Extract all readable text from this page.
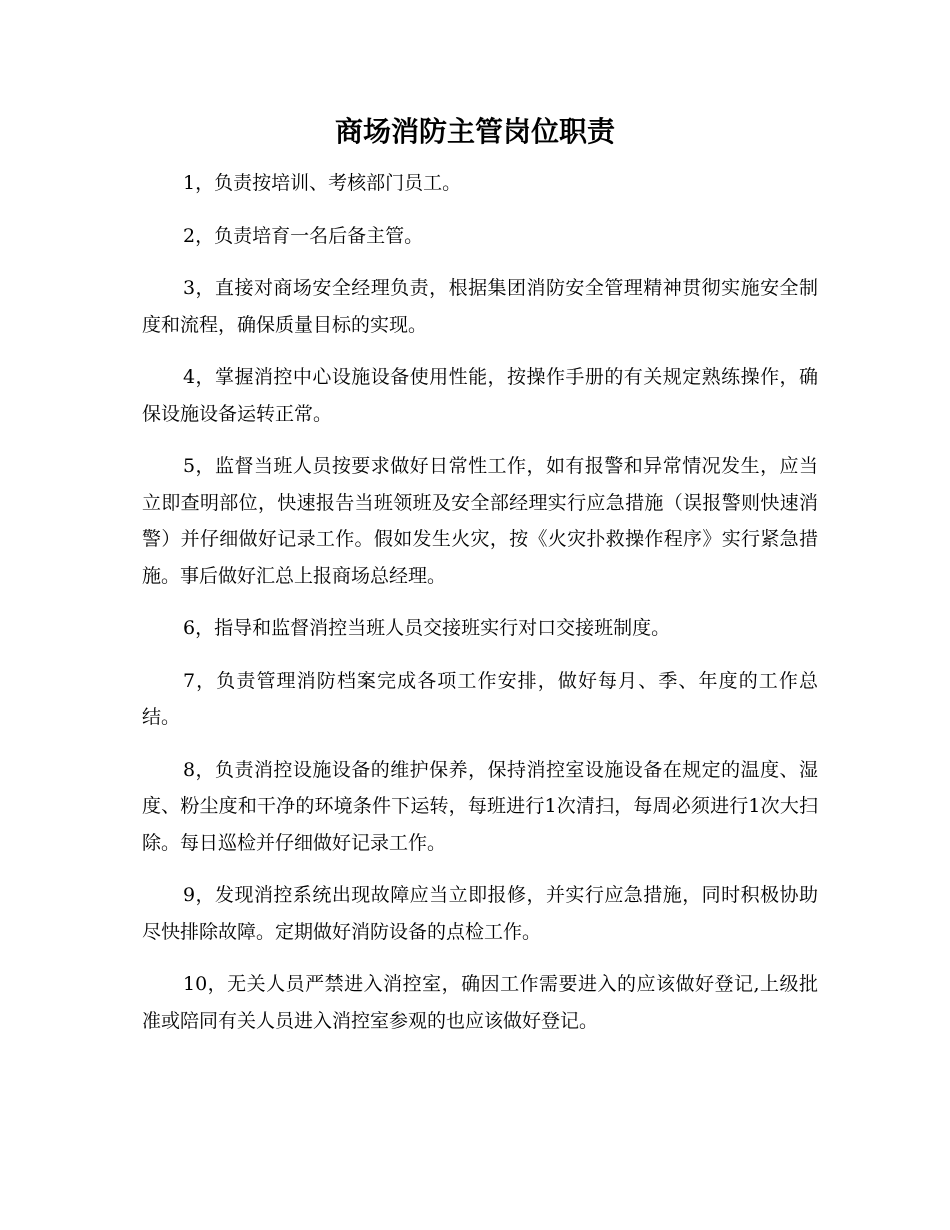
商场消防主管岗位职责

1，负责按培训、考核部门员工。

2，负责培育一名后备主管。

3，直接对商场安全经理负责，根据集团消防安全管理精神贯彻实施安全制度和流程，确保质量目标的实现。

4，掌握消控中心设施设备使用性能，按操作手册的有关规定熟练操作，确保设施设备运转正常。

5，监督当班人员按要求做好日常性工作，如有报警和异常情况发生，应当立即查明部位，快速报告当班领班及安全部经理实行应急措施（误报警则快速消警）并仔细做好记录工作。假如发生火灾，按《火灾扑救操作程序》实行紧急措施。事后做好汇总上报商场总经理。

6，指导和监督消控当班人员交接班实行对口交接班制度。

7，负责管理消防档案完成各项工作安排，做好每月、季、年度的工作总结。

8，负责消控设施设备的维护保养，保持消控室设施设备在规定的温度、湿度、粉尘度和干净的环境条件下运转，每班进行1次清扫，每周必须进行1次大扫除。每日巡检并仔细做好记录工作。

9，发现消控系统出现故障应当立即报修，并实行应急措施，同时积极协助尽快排除故障。定期做好消防设备的点检工作。

10，无关人员严禁进入消控室，确因工作需要进入的应该做好登记,上级批准或陪同有关人员进入消控室参观的也应该做好登记。
